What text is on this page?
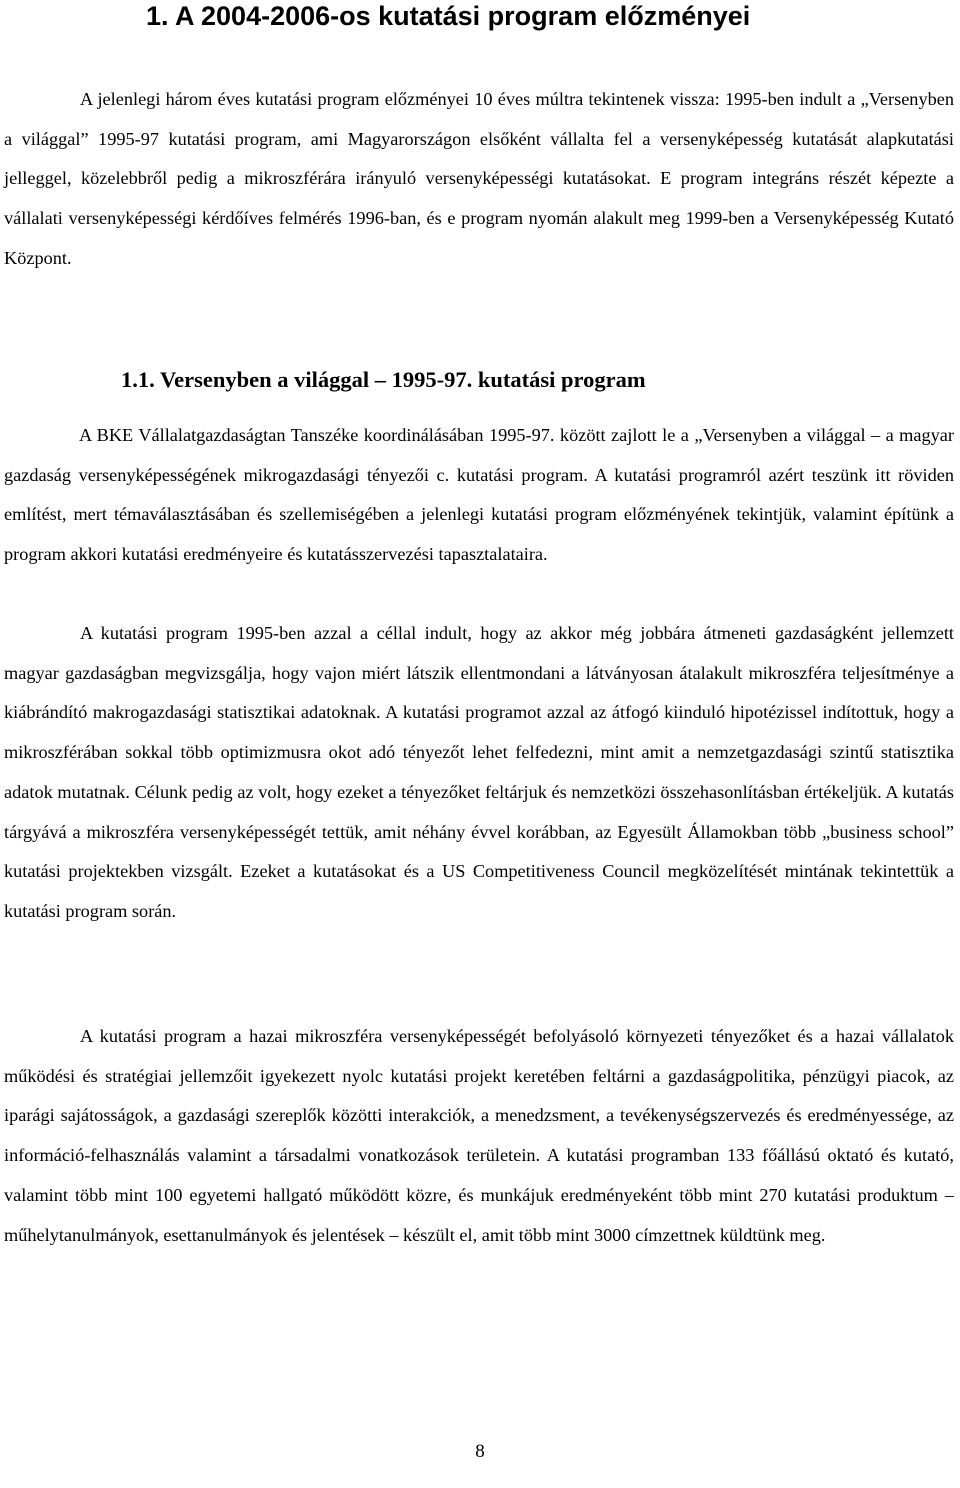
1. A 2004-2006-os kutatási program előzményei

A jelenlegi három éves kutatási program előzményei 10 éves múltra tekintenek vissza: 1995-ben indult a „Versenyben a világgal” 1995-97 kutatási program, ami Magyarországon elsőként vállalta fel a versenyképesség kutatását alapkutatási jelleggel, közelebbről pedig a mikroszférára irányuló versenyképességi kutatásokat. E program integráns részét képezte a vállalati versenyképességi kérdőíves felmérés 1996-ban, és e program nyomán alakult meg 1999-ben a Versenyképesség Kutató Központ.

1.1. Versenyben a világgal – 1995-97. kutatási program

A BKE Vállalatgazdaságtan Tanszéke koordinálásában 1995-97. között zajlott le a „Versenyben a világgal – a magyar gazdaság versenyképességének mikrogazdasági tényezői c. kutatási program. A kutatási programról azért teszünk itt röviden említést, mert témaválasztásában és szellemiségében a jelenlegi kutatási program előzményének tekintjük, valamint építünk a program akkori kutatási eredményeire és kutatásszervezési tapasztalataira.

A kutatási program 1995-ben azzal a céllal indult, hogy az akkor még jobbára átmeneti gazdaságként jellemzett magyar gazdaságban megvizsgálja, hogy vajon miért látszik ellentmondani a látványosan átalakult mikroszféra teljesítménye a kiábrándító makrogazdasági statisztikai adatoknak. A kutatási programot azzal az átfogó kiinduló hipotézissel indítottuk, hogy a mikroszférában sokkal több optimizmusra okot adó tényezőt lehet felfedezni, mint amit a nemzetgazdasági szintű statisztika adatok mutatnak. Célunk pedig az volt, hogy ezeket a tényezőket feltárjuk és nemzetközi összehasonlításban értékeljük. A kutatás tárgyává a mikroszféra versenyképességét tettük, amit néhány évvel korábban, az Egyesült Államokban több „business school” kutatási projektekben vizsgált. Ezeket a kutatásokat és a US Competitiveness Council megközelítését mintának tekintettük a kutatási program során.

A kutatási program a hazai mikroszféra versenyképességét befolyásoló környezeti tényezőket és a hazai vállalatok működési és stratégiai jellemzőit igyekezett nyolc kutatási projekt keretében feltárni a gazdaságpolitika, pénzügyi piacok, az iparági sajátosságok, a gazdasági szereplők közötti interakciók, a menedzsment, a tevékenységszervezés és eredményessége, az információ-felhasználás valamint a társadalmi vonatkozások területein. A kutatási programban 133 főállású oktató és kutató, valamint több mint 100 egyetemi hallgató működött közre, és munkájuk eredményeként több mint 270 kutatási produktum – műhelytanulmányok, esettanulmányok és jelentések – készült el, amit több mint 3000 címzettnek küldtünk meg.

8
